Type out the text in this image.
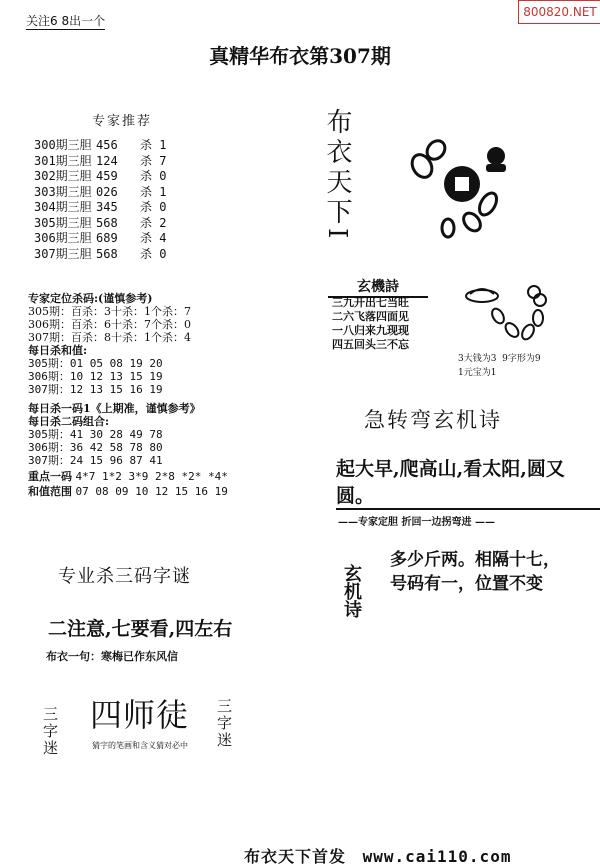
关注6 8出一个
800820.NET
真精华布衣第307期
专家推荐
300期三胆 456 杀 1
301期三胆 124 杀 7
302期三胆 459 杀 0
303期三胆 026 杀 1
304期三胆 345 杀 0
305期三胆 568 杀 2
306期三胆 689 杀 4
307期三胆 568 杀 0
专家定位杀码:(谨慎参考)
305期：百杀：3十杀：1个杀：7
306期：百杀：6十杀：7个杀：0
307期：百杀：8十杀：1个杀：4
每日杀和值:
305期：01 05 08 19 20
306期：10 12 13 15 19
307期：12 13 15 16 19
每日杀一码1《上期准，谨慎参考》
每日杀二码组合:
305期：41 30 28 49 78
306期：36 42 58 78 80
307期：24 15 96 87 41
重点一码 4*7 1*2 3*9 2*8 *2* *4*
和值范围 07 08 09 10 12 15 16 19
专业杀三码字谜
二注意,七要看,四左右
布衣一句：寒梅已作东风信
三字迷 四师徒
猜字的笔画和含义猜对必中 三字迷
布衣天下I
玄機詩
三九开出七当旺
二六飞落四面见
一八归来九现现
四五回头三不忘
3大钱为3  9字形为9
1元宝为1
急转弯玄机诗
起大早,爬高山,看太阳,圆又圆。
——专家定胆 折回一边拐弯进 ——
玄机诗
多少斤两。相隔十七，
号码有一，位置不变
布衣天下首发 www.cai110.com
